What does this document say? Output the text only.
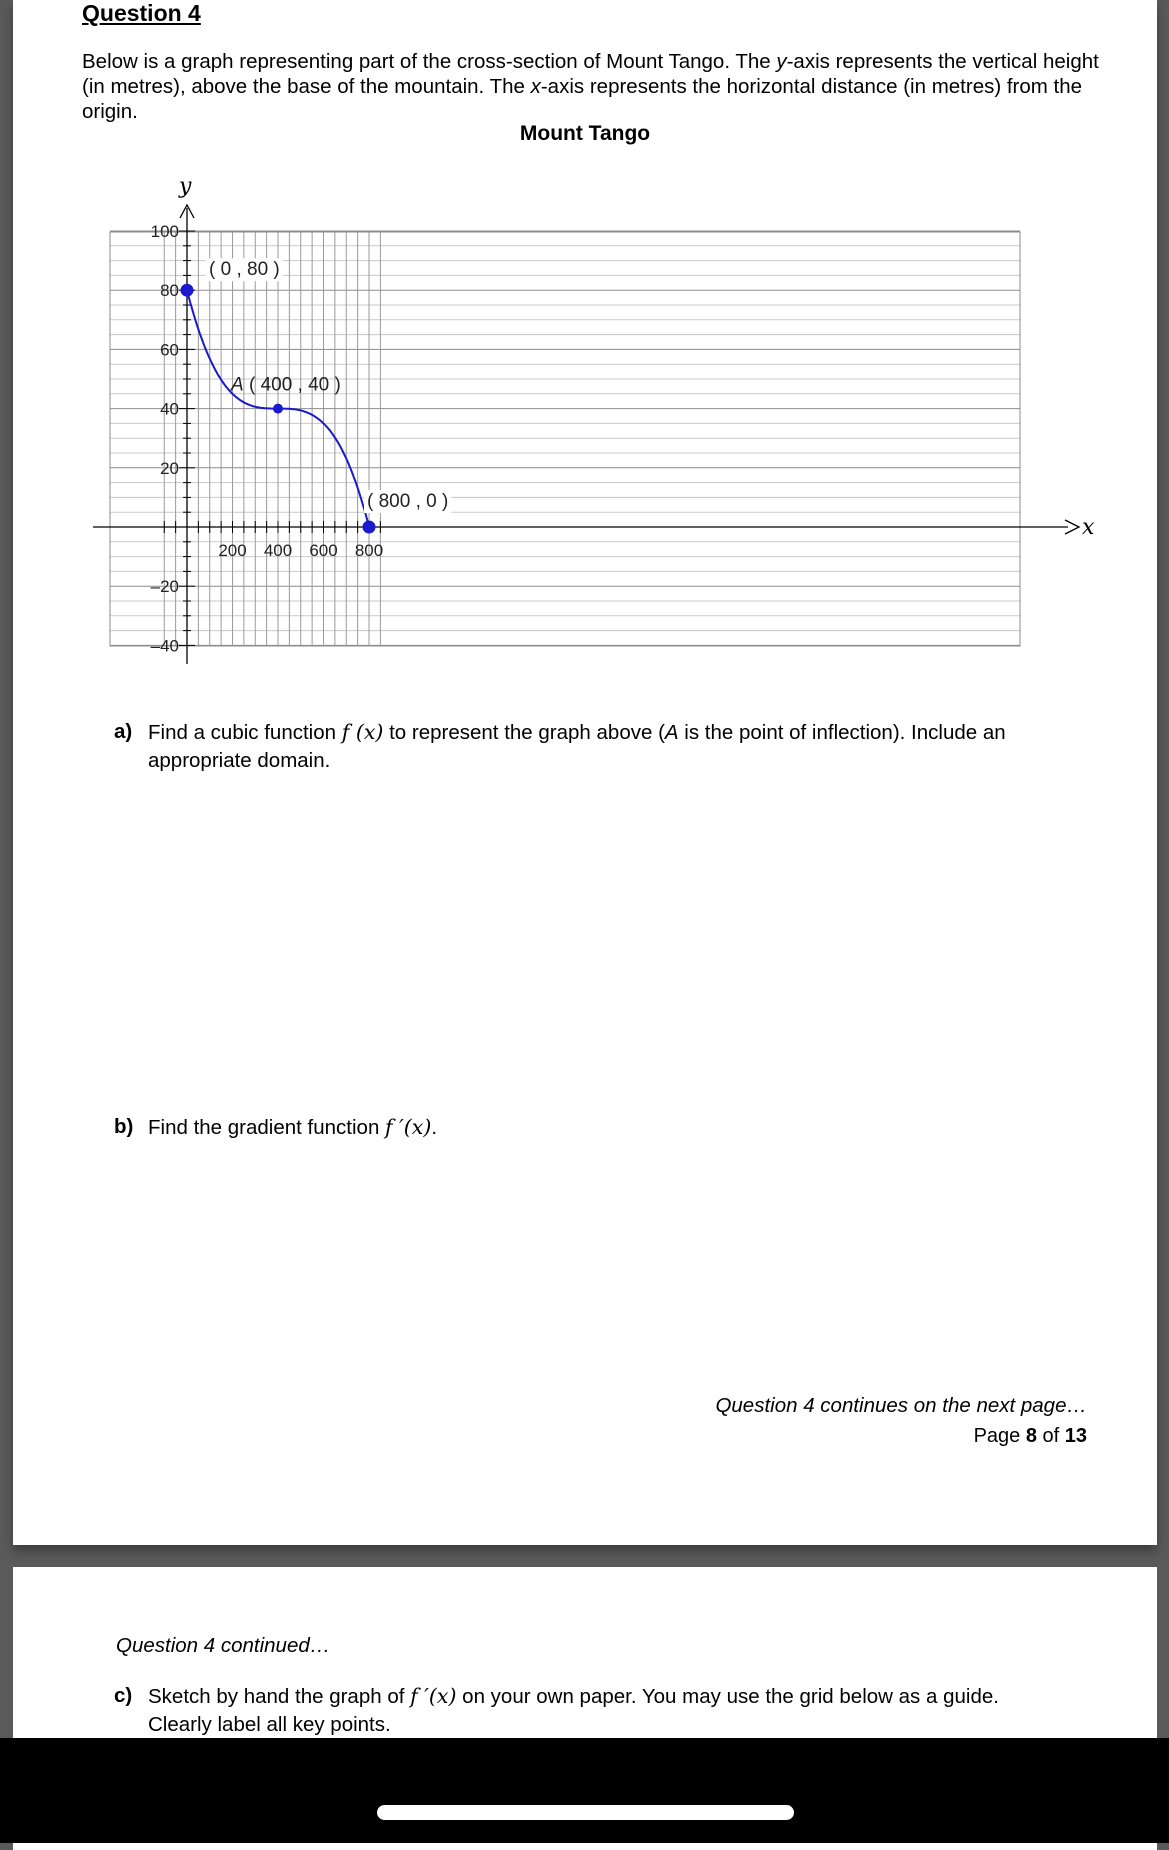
Question 4

Below is a graph representing part of the cross-section of Mount Tango. The y-axis represents the vertical height (in metres), above the base of the mountain. The x-axis represents the horizontal distance (in metres) from the origin.

Mount Tango
y
x
100
80
60
40
20
–20
–40
200 400 600 800
( 0 , 80 )
A ( 400 , 40 )
( 800 , 0 )
a) Find a cubic function f (x) to represent the graph above (A is the point of inflection). Include an appropriate domain.
b) Find the gradient function f ′(x).
Question 4 continues on the next page…
Page 8 of 13
Question 4 continued…
c) Sketch by hand the graph of f ′(x) on your own paper. You may use the grid below as a guide. Clearly label all key points.
